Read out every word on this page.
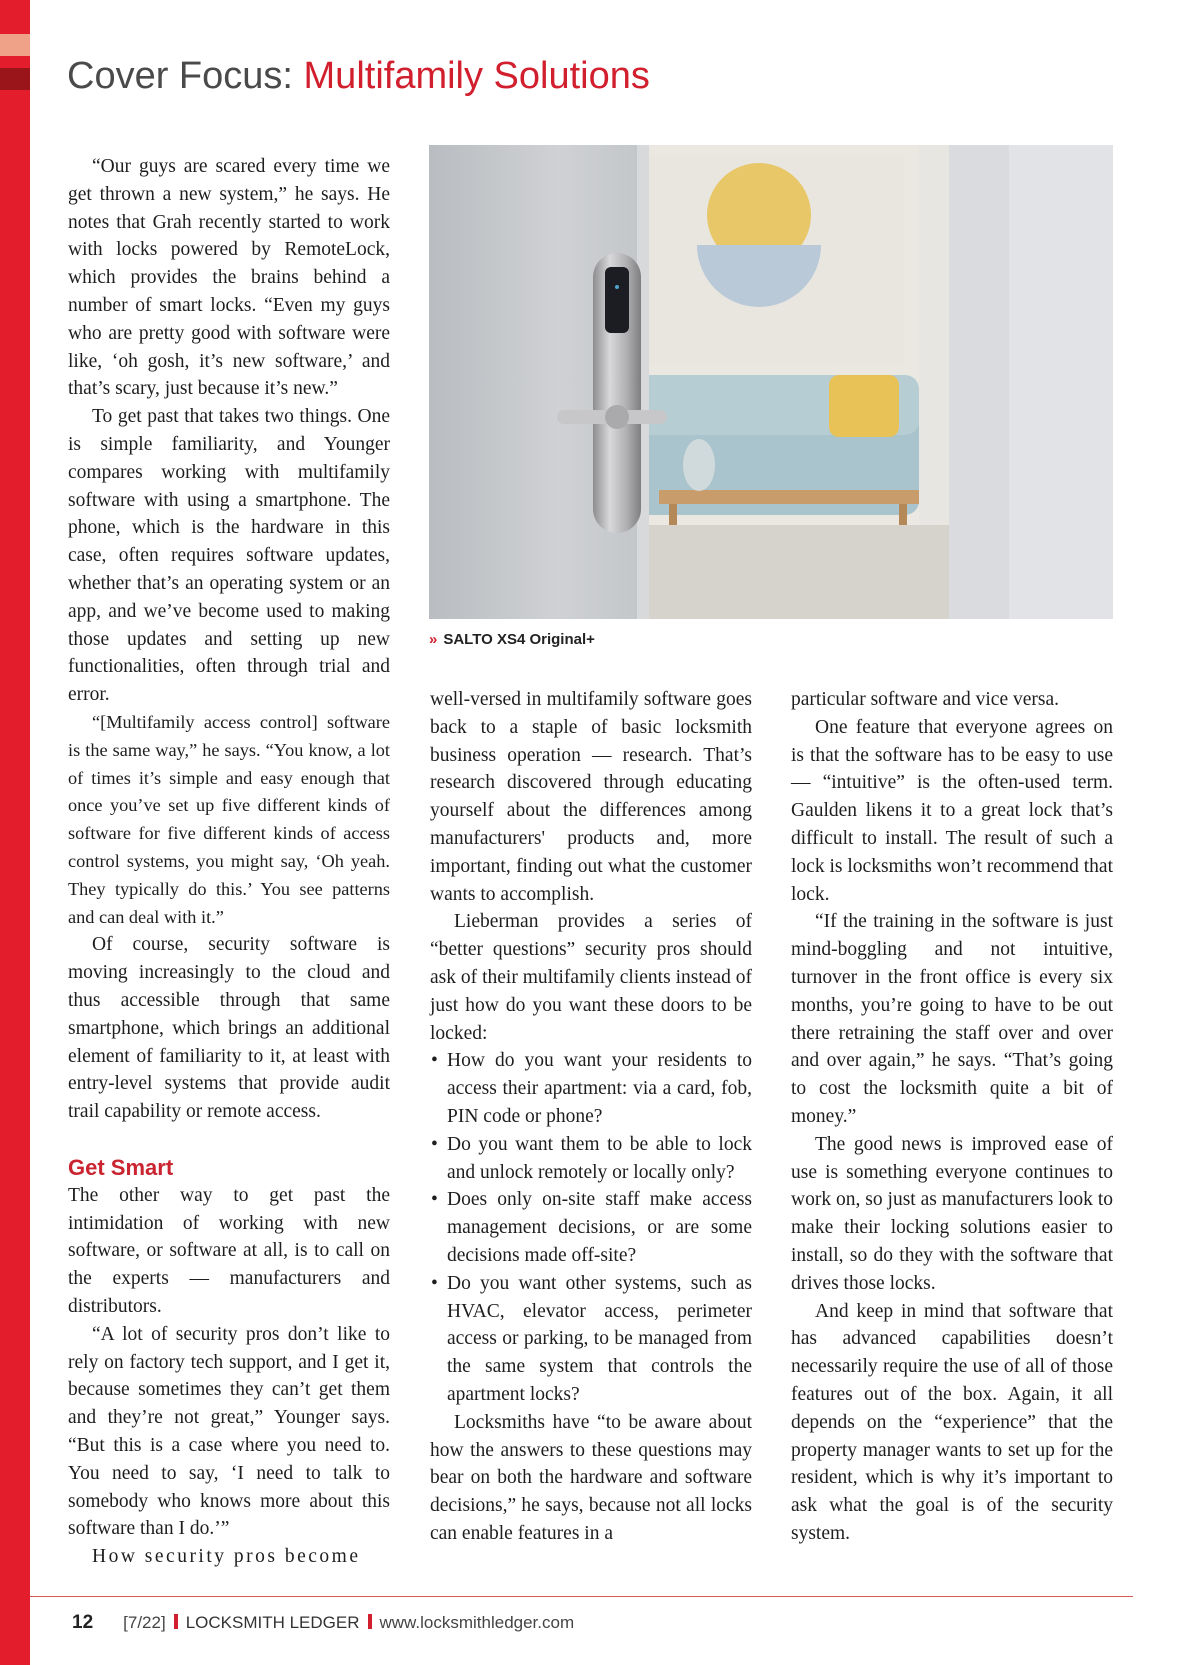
Cover Focus: Multifamily Solutions

“Our guys are scared every time we get thrown a new system,” he says. He notes that Grah recently started to work with locks powered by RemoteLock, which provides the brains behind a number of smart locks. “Even my guys who are pretty good with software were like, ‘oh gosh, it’s new software,’ and that’s scary, just because it’s new.”

To get past that takes two things. One is simple familiarity, and Younger compares working with multifamily software with using a smartphone. The phone, which is the hardware in this case, often requires software updates, whether that’s an operating system or an app, and we’ve become used to making those updates and setting up new functionalities, often through trial and error.

“[Multifamily access control] software is the same way,” he says. “You know, a lot of times it’s simple and easy enough that once you’ve set up five different kinds of software for five different kinds of access control systems, you might say, ‘Oh yeah. They typically do this.’ You see patterns and can deal with it.”

Of course, security software is moving increasingly to the cloud and thus accessible through that same smartphone, which brings an additional element of familiarity to it, at least with entry-level systems that provide audit trail capability or remote access.

Get Smart

The other way to get past the intimidation of working with new software, or software at all, is to call on the experts — manufacturers and distributors.

“A lot of security pros don’t like to rely on factory tech support, and I get it, because sometimes they can’t get them and they’re not great,” Younger says. “But this is a case where you need to. You need to say, ‘I need to talk to somebody who knows more about this software than I do.’”

How security pros become

» SALTO XS4 Original+

well-versed in multifamily software goes back to a staple of basic locksmith business operation — research. That’s research discovered through educating yourself about the differences among manufacturers' products and, more important, finding out what the customer wants to accomplish.

Lieberman provides a series of “better questions” security pros should ask of their multifamily clients instead of just how do you want these doors to be locked:

• How do you want your residents to access their apartment: via a card, fob, PIN code or phone?
• Do you want them to be able to lock and unlock remotely or locally only?
• Does only on-site staff make access management decisions, or are some decisions made off-site?
• Do you want other systems, such as HVAC, elevator access, perimeter access or parking, to be managed from the same system that controls the apartment locks?

Locksmiths have “to be aware about how the answers to these questions may bear on both the hardware and software decisions,” he says, because not all locks can enable features in a

particular software and vice versa.

One feature that everyone agrees on is that the software has to be easy to use — “intuitive” is the often-used term. Gaulden likens it to a great lock that’s difficult to install. The result of such a lock is locksmiths won’t recommend that lock.

“If the training in the software is just mind-boggling and not intuitive, turnover in the front office is every six months, you’re going to have to be out there retraining the staff over and over and over again,” he says. “That’s going to cost the locksmith quite a bit of money.”

The good news is improved ease of use is something everyone continues to work on, so just as manufacturers look to make their locking solutions easier to install, so do they with the software that drives those locks.

And keep in mind that software that has advanced capabilities doesn’t necessarily require the use of all of those features out of the box. Again, it all depends on the “experience” that the property manager wants to set up for the resident, which is why it’s important to ask what the goal is of the security system.

12 [7/22] LOCKSMITH LEDGER www.locksmithledger.com
